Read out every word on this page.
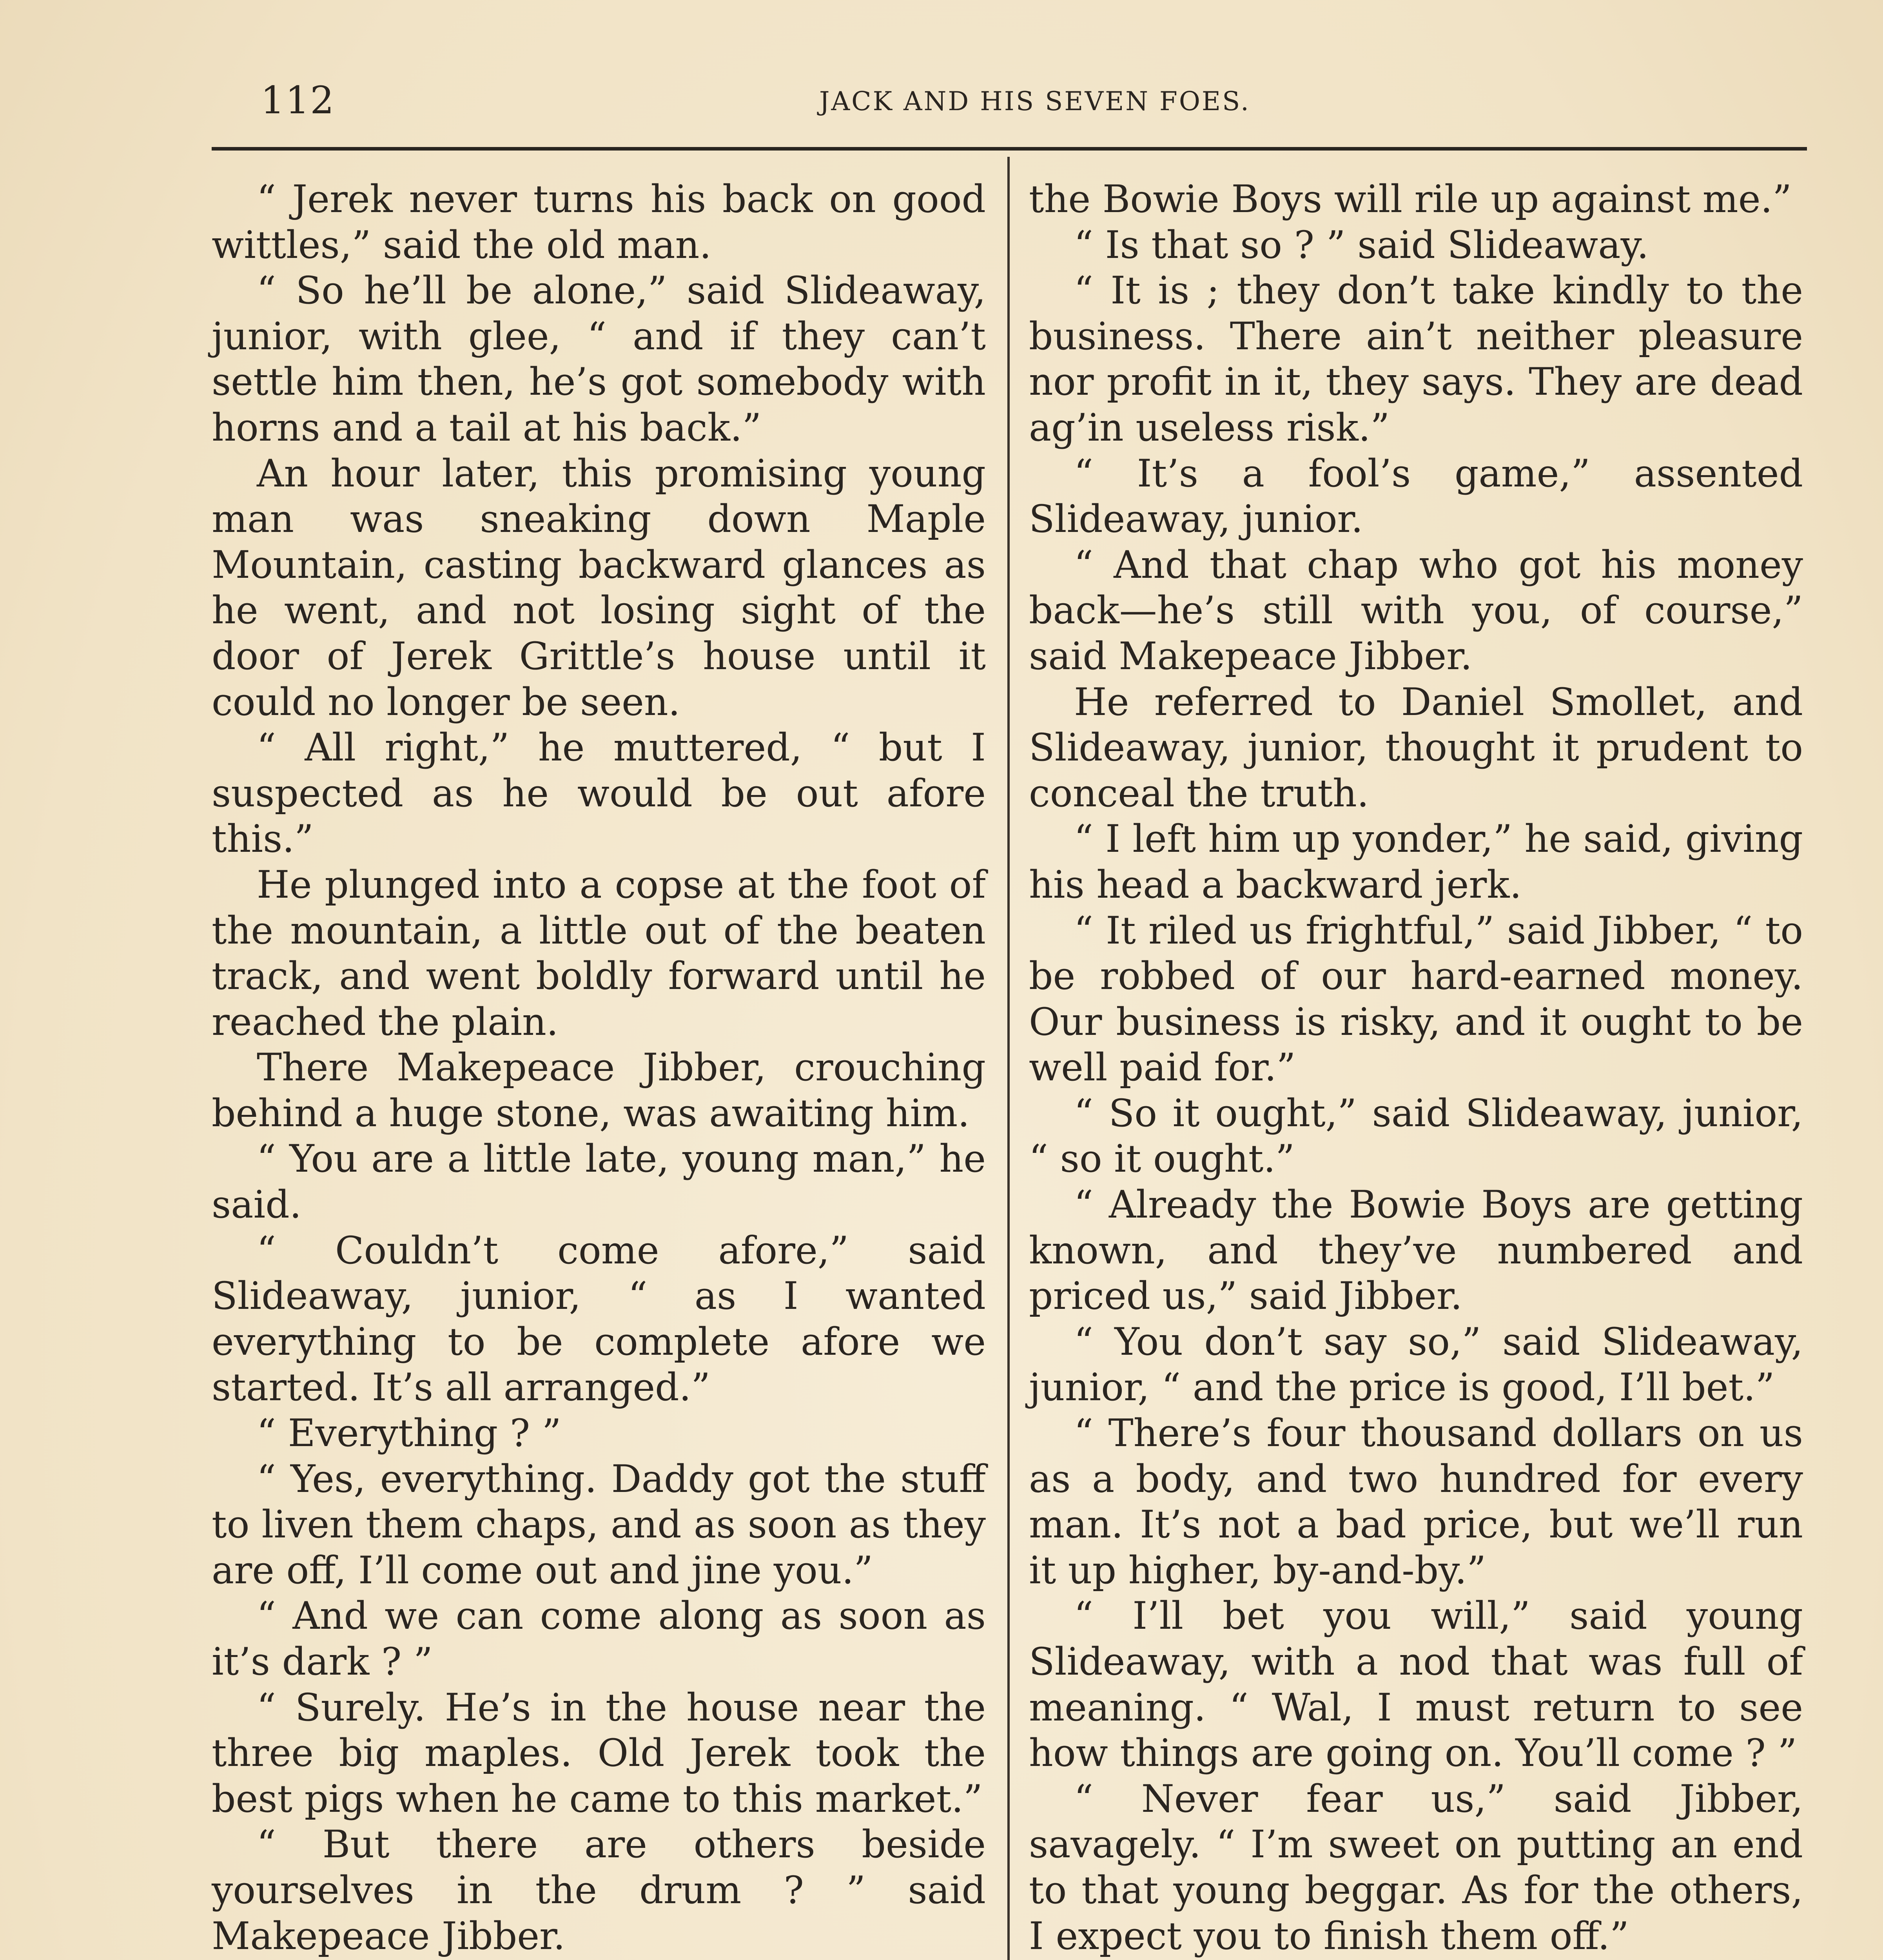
112	JACK AND HIS SEVEN FOES.

“ Jerek never turns his back on good wittles,” said the old man.

“ So he’ll be alone,” said Slideaway, junior, with glee, “ and if they can’t settle him then, he’s got somebody with horns and a tail at his back.”

An hour later, this promising young man was sneaking down Maple Mountain, casting backward glances as he went, and not losing sight of the door of Jerek Grittle’s house until it could no longer be seen.

“ All right,” he muttered, “ but I suspected as he would be out afore this.”

He plunged into a copse at the foot of the mountain, a little out of the beaten track, and went boldly forward until he reached the plain.

There Makepeace Jibber, crouching behind a huge stone, was awaiting him.

“ You are a little late, young man,” he said.

“ Couldn’t come afore,” said Slideaway, junior, “ as I wanted everything to be complete afore we started. It’s all arranged.”

“ Everything ? ”

“ Yes, everything. Daddy got the stuff to liven them chaps, and as soon as they are off, I’ll come out and jine you.”

“ And we can come along as soon as it’s dark ? ”

“ Surely. He’s in the house near the three big maples. Old Jerek took the best pigs when he came to this market.”

“ But there are others beside yourselves in the drum ? ” said Makepeace Jibber.

the Bowie Boys will rile up against me.”

“ Is that so ? ” said Slideaway.

“ It is ; they don’t take kindly to the business. There ain’t neither pleasure nor profit in it, they says. They are dead ag’in useless risk.”

“ It’s a fool’s game,” assented Slideaway, junior.

“ And that chap who got his money back—he’s still with you, of course,” said Makepeace Jibber.

He referred to Daniel Smollet, and Slideaway, junior, thought it prudent to conceal the truth.

“ I left him up yonder,” he said, giving his head a backward jerk.

“ It riled us frightful,” said Jibber, “ to be robbed of our hard-earned money. Our business is risky, and it ought to be well paid for.”

“ So it ought,” said Slideaway, junior, “ so it ought.”

“ Already the Bowie Boys are getting known, and they’ve numbered and priced us,” said Jibber.

“ You don’t say so,” said Slideaway, junior, “ and the price is good, I’ll bet.”

“ There’s four thousand dollars on us as a body, and two hundred for every man. It’s not a bad price, but we’ll run it up higher, by-and-by.”

“ I’ll bet you will,” said young Slideaway, with a nod that was full of meaning. “ Wal, I must return to see how things are going on. You’ll come ? ”

“ Never fear us,” said Jibber, savagely. “ I’m sweet on putting an end to that young beggar. As for the others, I expect you to finish them off.”
